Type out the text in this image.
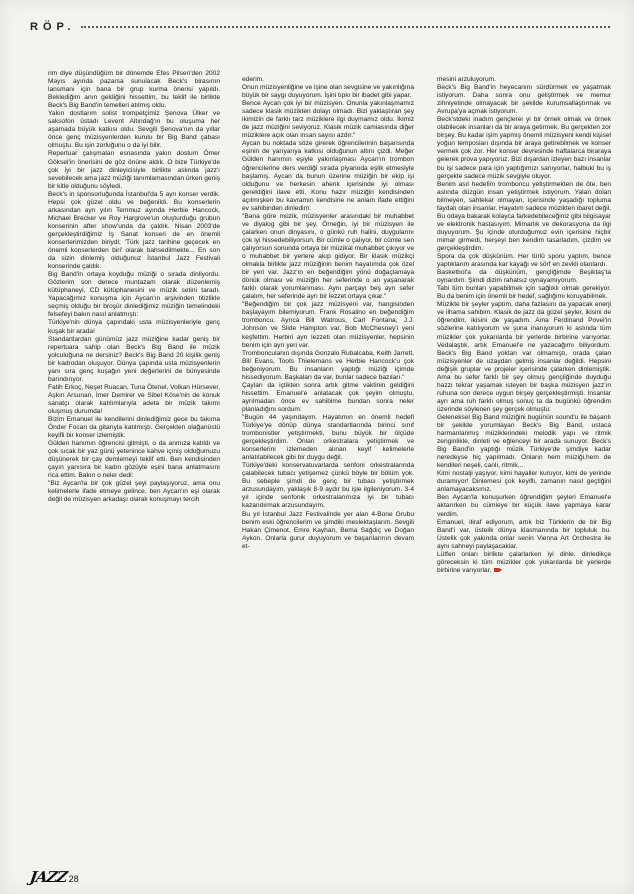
RÖP.

rim diye düşündüğüm bir dönemde Efes Pilsen'den 2002 Mayıs ayında pazarsa sunulacak Beck's birasının lansmanı için bana bir grup kurma önerisi yapıldı. Beklediğim anın geldiğini hissettim, bu teklif ile birlikte Beck's Big Band'in temelleri atılmış oldu.

Yakın dostlarım solist trompetçimiz Şenova Ülker ve saksofon üstadı Levent Altındağ'ın bu oluşuma her aşamada büyük katkısı oldu. Sevgili Şenova'nın da yıllar önce genç müzisyenlerden kurulu bir Big Band çabası olmuştu. Bu işin zorluğunu o da iyi bilir.

Repertuar çalışmaları esnasında yakın dostum Ömer Göksel'in önerisini de göz önüne aldık. O bize Türkiye'de çok iyi bir jazz dinleyicisiyle birlikte aslında jazz'ı sevebilecek ama jazz müziği tanımlamasından ürken geniş bir kitle olduğunu söyledi.

Beck's in sponsorluğunda İstanbul'da 5 ayrı konser verdik. Hepsi çok güzel oldu ve beğenildi. Bu konserlerin arkasından ayrı yılın Temmuz ayında Herbie Hancock, Michael Brecker ve Roy Hargrove'un oluşturduğu grubun konserinin after show'unda da çaldık. Nisan 2003'de gerçekleştirdiğimiz İş Sanat konseri de en önemli konserlerimizden biriydi; 'Türk jazz tarihine geçecek en önemli konserlerden biri' olarak bahsedilmekte... En son da sizin dinlemiş olduğunuz İstanbul Jazz Festivali konserinde çaldık.

Big Band'in ortaya koyduğu müziği o sırada dinliyordu. Gözlerim son derece muntazam olarak düzenlemiş kütüphaneyi, CD kütüphanesini ve müzik setini taradı. Yapacağımız konuşma için Aycan'ın arşivinden titizlikle seçmiş olduğu bir broşür dinlediğimiz müziğin temelindeki felsefeyi bakın nasıl anlatmıştı:

Türkiye'nin dünya çapındaki usta müzisyenleriyle genç kuşak bir arada!

Standartlardan günümüz jazz müziğine kadar geniş bir repertuara sahip olan Beck's Big Band ile müzik yolculuğuna ne dersiniz? Beck's Big Band 20 kişilik geniş bir kadrodan oluşuyor. Dünya çapında usta müzisyenlerin yanı sıra genç kuşağın yeni değerlerini de bünyesinde barındırıyor.

Fatih Erkoç, Neşet Ruacan, Tuna Ötenel, Volkan Hürsever, Aşkın Arsunan, İmer Demirer ve Sibel Köse'nin de konuk sanatçı olarak katılımlarıyla adeta bir müzik takımı oluşmuş durumda!

Bizim Emanuel ile kendilerini dinlediğimiz gece bu takıma Önder Focan da gitarıyla katılmıştı. Gerçekten olağanüstü keyifli bir konser izlemiştik.

Gülden hanımın öğrencisi gitmişti, o da anmıza katıldı ve çok sıcak bir yaz günü yetenince kahve içmiş olduğumuzu düşünerek bir çay demlemeyi teklif etti. Ben kendisinden çayın yanısıra bir kadın gözüyle eşini bana anlatmasını rica ettim. Bakın o neler dedi:

"Biz Aycan'la bir çok güzel şeyi paylaşıyoruz, ama onu kelimelerle ifade etmeye gelince, ben Aycan'ın eşi olarak değil de müzisyen arkadaşı olarak konuşmayı tercih

ederim.

Onun müzisyenliğine ve işine olan sevgisine ve yakınlığına büyük bir saygı duyuyorum. İşini tıpkı bir ibadet gibi yapar.

Bence Aycan çok iyi bir müzisyen. Onunla yakınlaşmamız sadece klasik müzikten dolayı olmadı. Bizi yaklaştıran şey ikimizin de farklı tarz müziklere ilgi duymamız oldu. İkimiz de jazz müziğini seviyoruz. Klasik müzik camiasında diğer müziklere açık olan insan sayısı azdır."

Aycan bu noktada söze girerek öğrencilerinin başarısında eşinin de yarıyarıya katkısı olduğunun altını çizdi. Meğer Gülden hanımın eşiyle yakınlaşması Aycan'ın trombon öğrencilerine ders verdiği sırada piyanoda eşlik etmesiyle başlamış. Aycan da bunun üzerine müziğin bir ekip işi olduğunu ve herkesin ahenk içerisinde iyi olması gerektiğini ilave etti. Konu hazır müziğin kendisinden açılmışken bu kavramın kendisine ne anlam ifade ettiğini ev sahibinden dinledim:

"Bana göre müzik, müzisyenler arasındaki bir muhabbet ve diyalog gibi bir şey. Örneğin, iyi bir müzisyen ile çalarken onun dinyasını, o günkü ruh halini, duygularını çok iyi hissedebiliyorsun. Bir cümle o çalıyor, bir cümle sen çalıyorsun sonunda ortaya bir müzikal muhabbet çıkıyor ve o muhabbet bir yerlere akıp gidiyor. Bir klasik müzikçi olmakla birlikte jazz müziğinin benim hayatımda çok özel bir yeri var. Jazz'ın en beğendiğim yönü doğaçlamaya dönük olması ve müziğin her seferinde o an yaşanarak farklı olarak yorumlanması. Aynı parçayı beş ayrı sefer çalalım, her seferinde ayrı bir lezzet ortaya çıkar."

"Beğendiğim bir çok jazz müzisyeni var, hangisinden başlayayım bilemiyorum. Frank Rosalino en beğendiğim tromboncu. Ayrıca Bill Watrous, Carl Fontana, J.J. Johnson ve Slide Hampton var. Bob McChesney'i yeni keşfettim. Herbiri ayrı lezzeti olan müzisyenler, hepsinin benim için ayrı yeri var.

Trombonculanın dışında Gonzalo Rubalcaba, Keith Jarrett, Bill Evans, Toots Thielemans ve Herbie Hancock'u çok beğeniyorum. Bu insanların yaptığı müziği içimde hissediyorum. Başkaları da var, bunlar sadece bazıları."

Çayları da içtikten sonra artık gitme vaktinin geldiğini hissettim. Emanuel'e anlatacak çok şeyim olmuştu, ayrılmadan önce ev sahibime bundan sonra neler planladığını sordum:

"Bugün 44 yaşındayım. Hayatımın en önemli hedefi Türkiye'ye dönüp dünya standartlarında birinci sınıf trombonistler yetiştirmekti, bunu büyük bir ölçüde gerçekleştirdim. Onları orkestralara yetiştirmek ve konserlerini izlemeden alınan keyif kelimelerle anlatılabilecek gibi bir duygu değil.

Türkiye'deki konservatuvarlarda senfoni orkestralarında çalabilecek tubacı yetişemez çünkü böyle bir bölüm yok. Bu sebeple şimdi de genç bir tubacı yetiştirmek arzusundayım, yaklaşık 8-9 aydır bu işle ilgileniyorum. 3-4 yıl içinde senfonik orkestralarımıza iyi bir tubacı kazandırmak arzusundayım.

Bu yıl İstanbul Jazz Festivalinde yer alan 4-Bone Grubu benim eski öğrencilerim ve şimdiki meslektaşlarım. Sevgili Hakan Çimenot, Emre Kayhan, Bema Sağdıç ve Doğan Aykon. Onlarla gurur duyuyorum ve başarılarının devam et-

mesini arzuluyorum.

Beck's Big Band'in heyecanını sürdürmek ve yaşatmak istiyorum. Daha sonra onu geliştirmek ve memur zihniyetinde olmayacak bir şekilde kurumsallaştırmak ve Avrupa'ya açmak istiyorum.

Beck'stdeki inadım gençlerei yi bir örnek olmak ve örnek olabilecek insanları da bir araya getirmek. Bu gerçekten zor birşey. Bu kadar işim yapmış önemli müzisyeni kendi kişisel yoğun temposları dışında bir araya getirebilmek ve konser vermek çok zor. Her konser devresinde haftalarca biraraya gelerek prova yapıyoruz. Bizi dışardan izleyen bazı insanlar bu işi sadece para için yaptığımızı sanıyorlar, halbuki bu iş gerçekte sadece müzik sevgiyle oluyor.

Benim asıl hedefim tromboncu yetiştirmekten de öte, ben aslında düzgün insan yetiştirmek istiyorum. Yalan dolan bilmeyen, sahtekar olmayan, içerisinde yaşadığı topluma faydalı olan insanlar. Hayatım sadece müzikten ibaret değil. Bu odaya bakarak kolayca farkedebileceğiniz gibi bilgisayar ve elektronik hastasıyım. Mimarlık ve dekorasyona da ilgi duyuyorum. Şu içinde oturduğumuz evin içerisine hiçbir mimar girmedi, herşeyi ben kendim tasarladım, çizdim ve gerçekleştirdim.

Spora da çok düşkünüm. Her türlü sporu yaptım, bence yaptıklarım arasında kar kayağı ve sörf en zevkli olanlardı.

Basketbol'a da düşkünüm, gençliğimde Beşiktaş'ta oynardım. Şimdi dizim rahatsız oynayamıyorum.

Tabi tüm bunları yapabilmek için sağlıklı olmak gerekiyor. Bu da benim için önemli bir hedef, sağlığımı koruyabilmek.

Müzikte bir şeyler yaptım, daha fazlasını da yapacak enerji ve ilhama sahibim. Klasik de jazz da güzel şeyler, ikisini de öğrendim, ikisini de yaşadım. Ama Ferdinand Povel'in sözlerine katılıyorum ve şuna inanıyorum ki aslında tüm müzikler çok yukarılarda bir yerlerde birbirine varıyorlar. Vedalaştık, artık Emanuel'e ne yazacağımı biliyordum. Beck's Big Band yoktan var olmamıştı, orada çalan müzisyenler de uzaydan gelmiş insanlar değildi. Hepsini değişik gruplar ve projeler içerisinde çalarken dinlemiştik. Ama bu sefer farklı bir şey olmuş gençliğinde duyduğu hazzı tekrar yaşamak isteyen bir başka müzisyen jazz'ın ruhuna son derece uygun birşey gerçekleştirmişti. İnsanlar ayrı ama ruh farklı olmuş sonuç ta da bugünkü öğrendim üzerinde söylenen şey gerçek olmuştu:

Geleneksel Big Band müziğini bugünün sound'u ile başarılı bir şekilde yorumlayan Beck's Big Band, ustaca harmanlanmış müziklerindeki melodik yapı ve ritmik zenginlikle, dinleti ve eğlenceyi bir arada sunuyor. Beck's Big Band'in yaptığı müzik Türkiye'de şimdiye kadar neredeyse hiç yapılmadı. Onların hem müziği,hem de kendileri neşeli, canlı, ritmik...

Kimi nostalji yaşıyor, kimi hayaller kuruyor, kimi de yerinde duramıyor! Dinlemesi çok keyifli, zamanın nasıl geçtiğini anlamayacaksınız.

Ben Aycan'la konuşurken öğrendiğim şeyleri Emanuel'e aktarırken bu cümleye bir küçük ilave yapmaya karar verdim.

Emanuel, itiraf ediyorum, artık biz Türklerin de bir Big Band'i var, üstelik dünya klasmanında bir topluluk bu. Üstelik çok yakında onlar senin Vienna Art Orchestra ile aynı sahneyi paylaşacaklar.

Lütfen onları birlikte çalarlarken iyi dinle, dinledikçe göreceksin ki tüm müzikler çok yukarılarda bir yerlerde birbirine varıyorlar.

JAZZ 28
